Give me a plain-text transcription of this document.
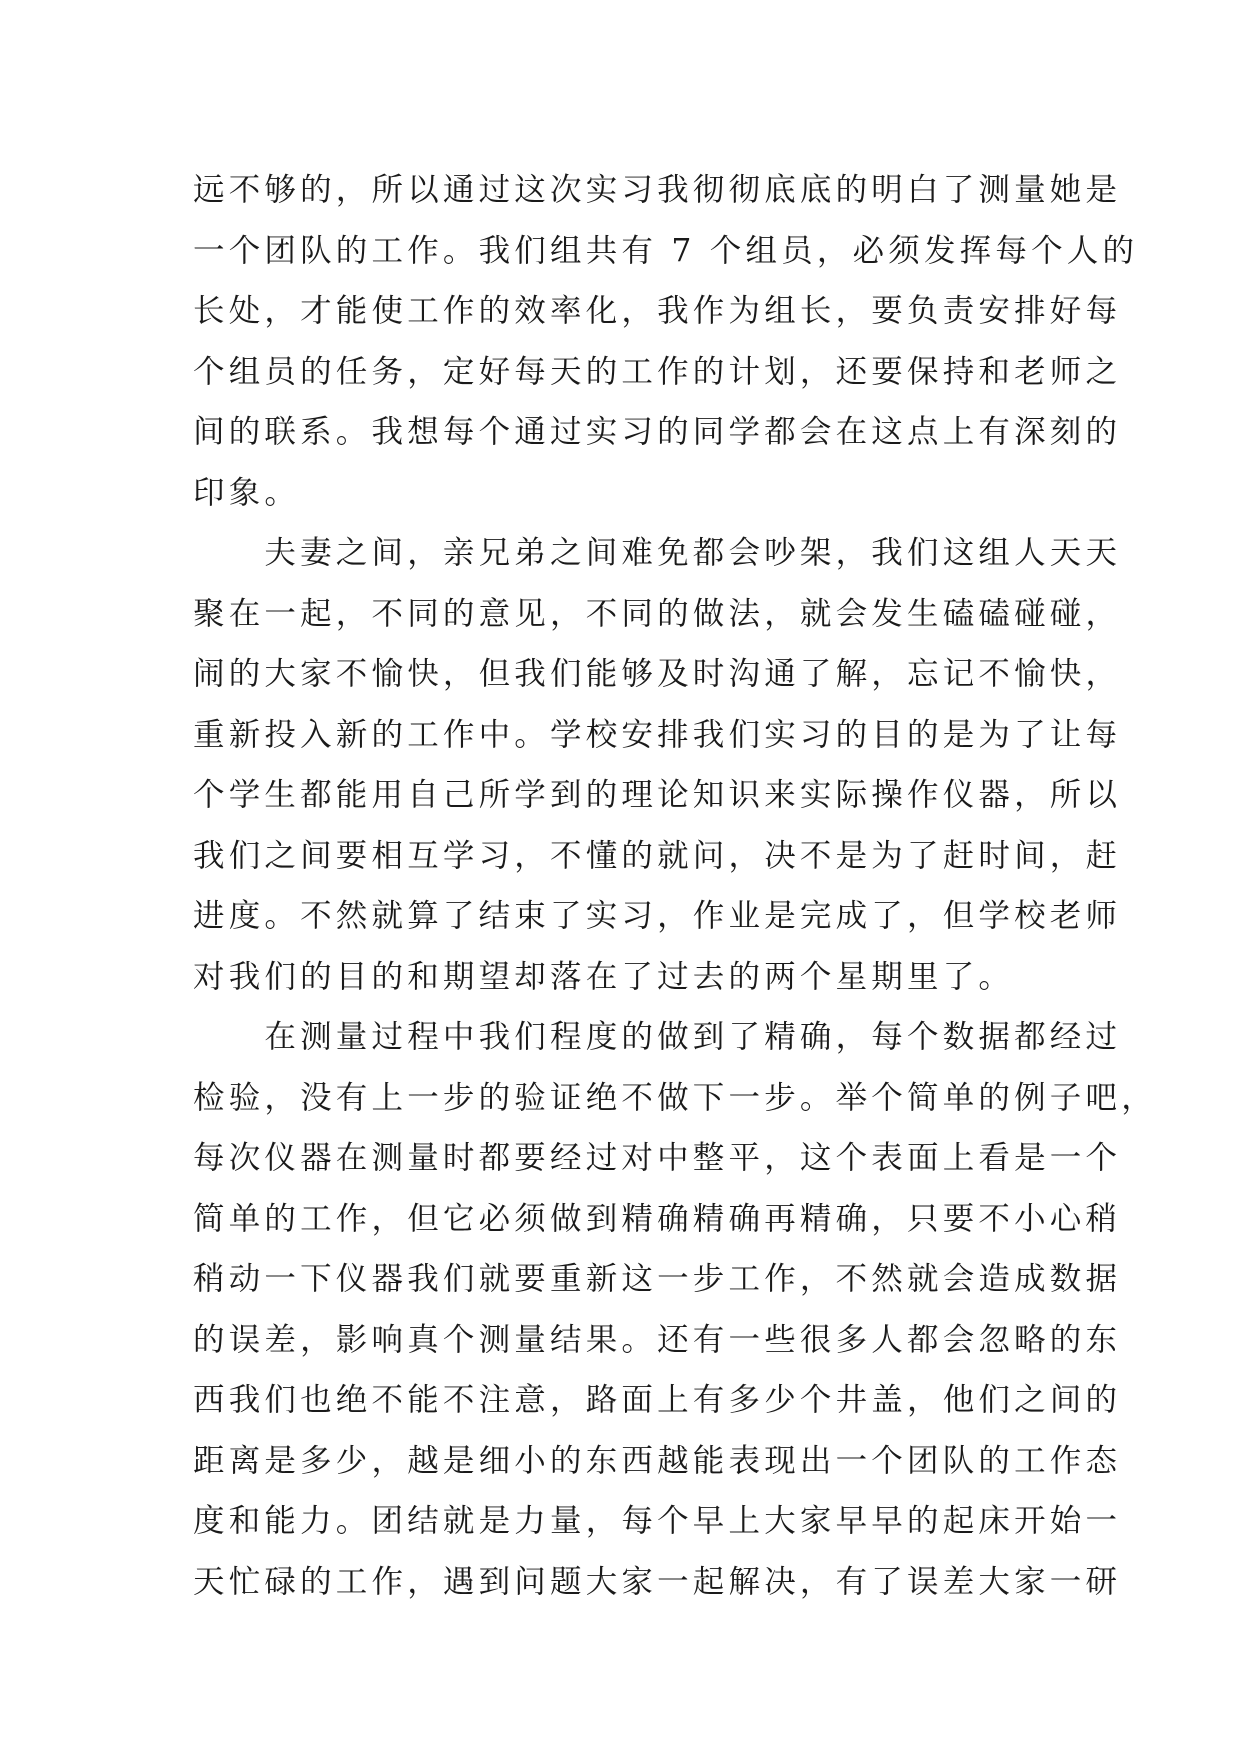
远不够的，所以通过这次实习我彻彻底底的明白了测量她是
一个团队的工作。我们组共有 7 个组员，必须发挥每个人的
长处，才能使工作的效率化，我作为组长，要负责安排好每
个组员的任务，定好每天的工作的计划，还要保持和老师之
间的联系。我想每个通过实习的同学都会在这点上有深刻的
印象。
　　夫妻之间，亲兄弟之间难免都会吵架，我们这组人天天
聚在一起，不同的意见，不同的做法，就会发生磕磕碰碰，
闹的大家不愉快，但我们能够及时沟通了解，忘记不愉快，
重新投入新的工作中。学校安排我们实习的目的是为了让每
个学生都能用自己所学到的理论知识来实际操作仪器，所以
我们之间要相互学习，不懂的就问，决不是为了赶时间，赶
进度。不然就算了结束了实习，作业是完成了，但学校老师
对我们的目的和期望却落在了过去的两个星期里了。
　　在测量过程中我们程度的做到了精确，每个数据都经过
检验，没有上一步的验证绝不做下一步。举个简单的例子吧，
每次仪器在测量时都要经过对中整平，这个表面上看是一个
简单的工作，但它必须做到精确精确再精确，只要不小心稍
稍动一下仪器我们就要重新这一步工作，不然就会造成数据
的误差，影响真个测量结果。还有一些很多人都会忽略的东
西我们也绝不能不注意，路面上有多少个井盖，他们之间的
距离是多少，越是细小的东西越能表现出一个团队的工作态
度和能力。团结就是力量，每个早上大家早早的起床开始一
天忙碌的工作，遇到问题大家一起解决，有了误差大家一研
